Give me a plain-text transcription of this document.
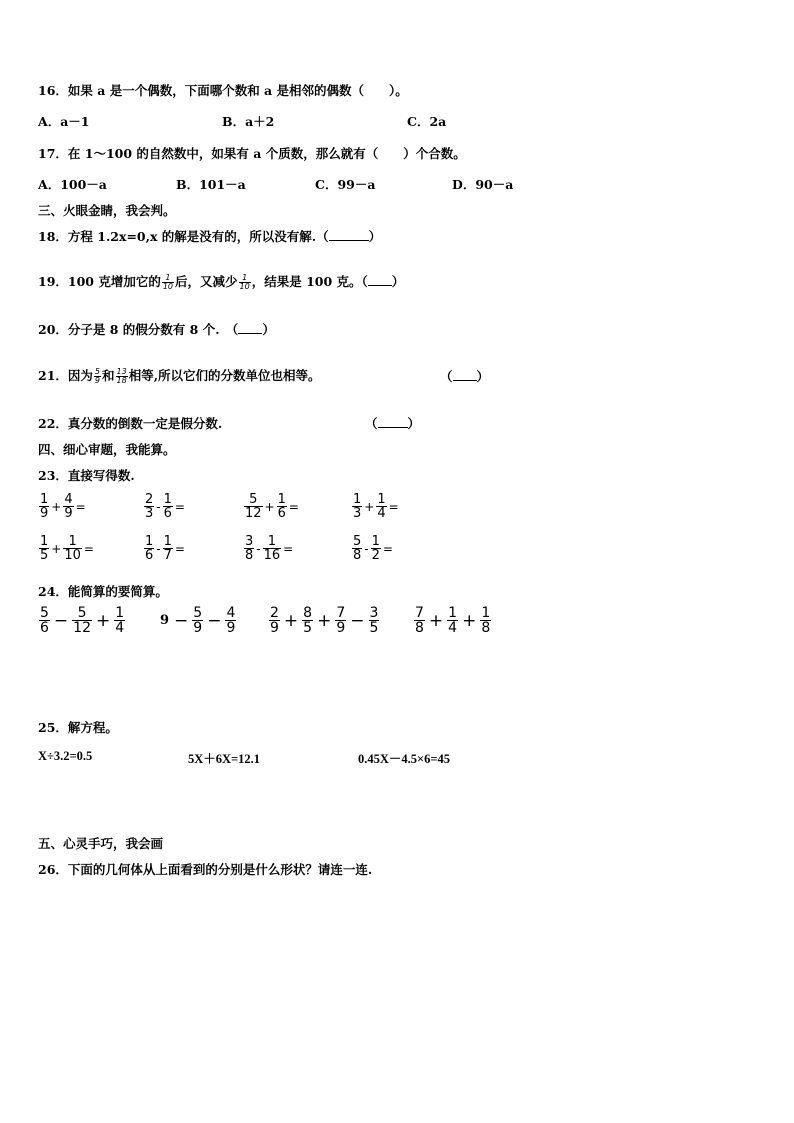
16．如果 a 是一个偶数，下面哪个数和 a 是相邻的偶数（　　）。
A．a－1	B．a＋2	C．2a
17．在 1～100 的自然数中，如果有 a 个质数，那么就有（　　）个合数。
A．100－a	B．101－a	C．99－a	D．90－a
三、火眼金睛，我会判。
18．方程 1.2x=0,x 的解是没有的，所以没有解.（	）
19．100 克增加它的 $\frac{1}{10}$ 后，又减少 $\frac{1}{10}$ ，结果是 100 克。（ ）
20．分子是 8 的假分数有 8 个.　（ ）
21．因为 $\frac{5}{9}$ 和 $\frac{13}{18}$ 相等,所以它们的分数单位也相等。	（ ）
22．真分数的倒数一定是假分数.	（ ）
四、细心审题，我能算。
23．直接写得数.
$\frac{1}{9} + \frac{4}{9}$ =	$\frac{2}{3} - \frac{1}{6}$ =	$\frac{5}{12} + \frac{1}{6}$ =	$\frac{1}{3} + \frac{1}{4}$ =
$\frac{1}{5} + \frac{1}{10}$ =	$\frac{1}{6} - \frac{1}{7}$ =	$\frac{3}{8} - \frac{1}{16}$ =	$\frac{5}{8} - \frac{1}{2}$ =
24．能简算的要简算。
$\frac{5}{6} - \frac{5}{12} + \frac{1}{4}$	$9 - \frac{5}{9} - \frac{4}{9} \frac{2}{9} + \frac{8}{5} + \frac{7}{9} - \frac{3}{5} \frac{7}{8} + \frac{1}{4} + \frac{1}{8}$
25．解方程。
X÷3.2=0.5	5X＋6X=12.1	0.45X－4.5×6=45
五、心灵手巧，我会画
26．下面的几何体从上面看到的分别是什么形状？请连一连.
